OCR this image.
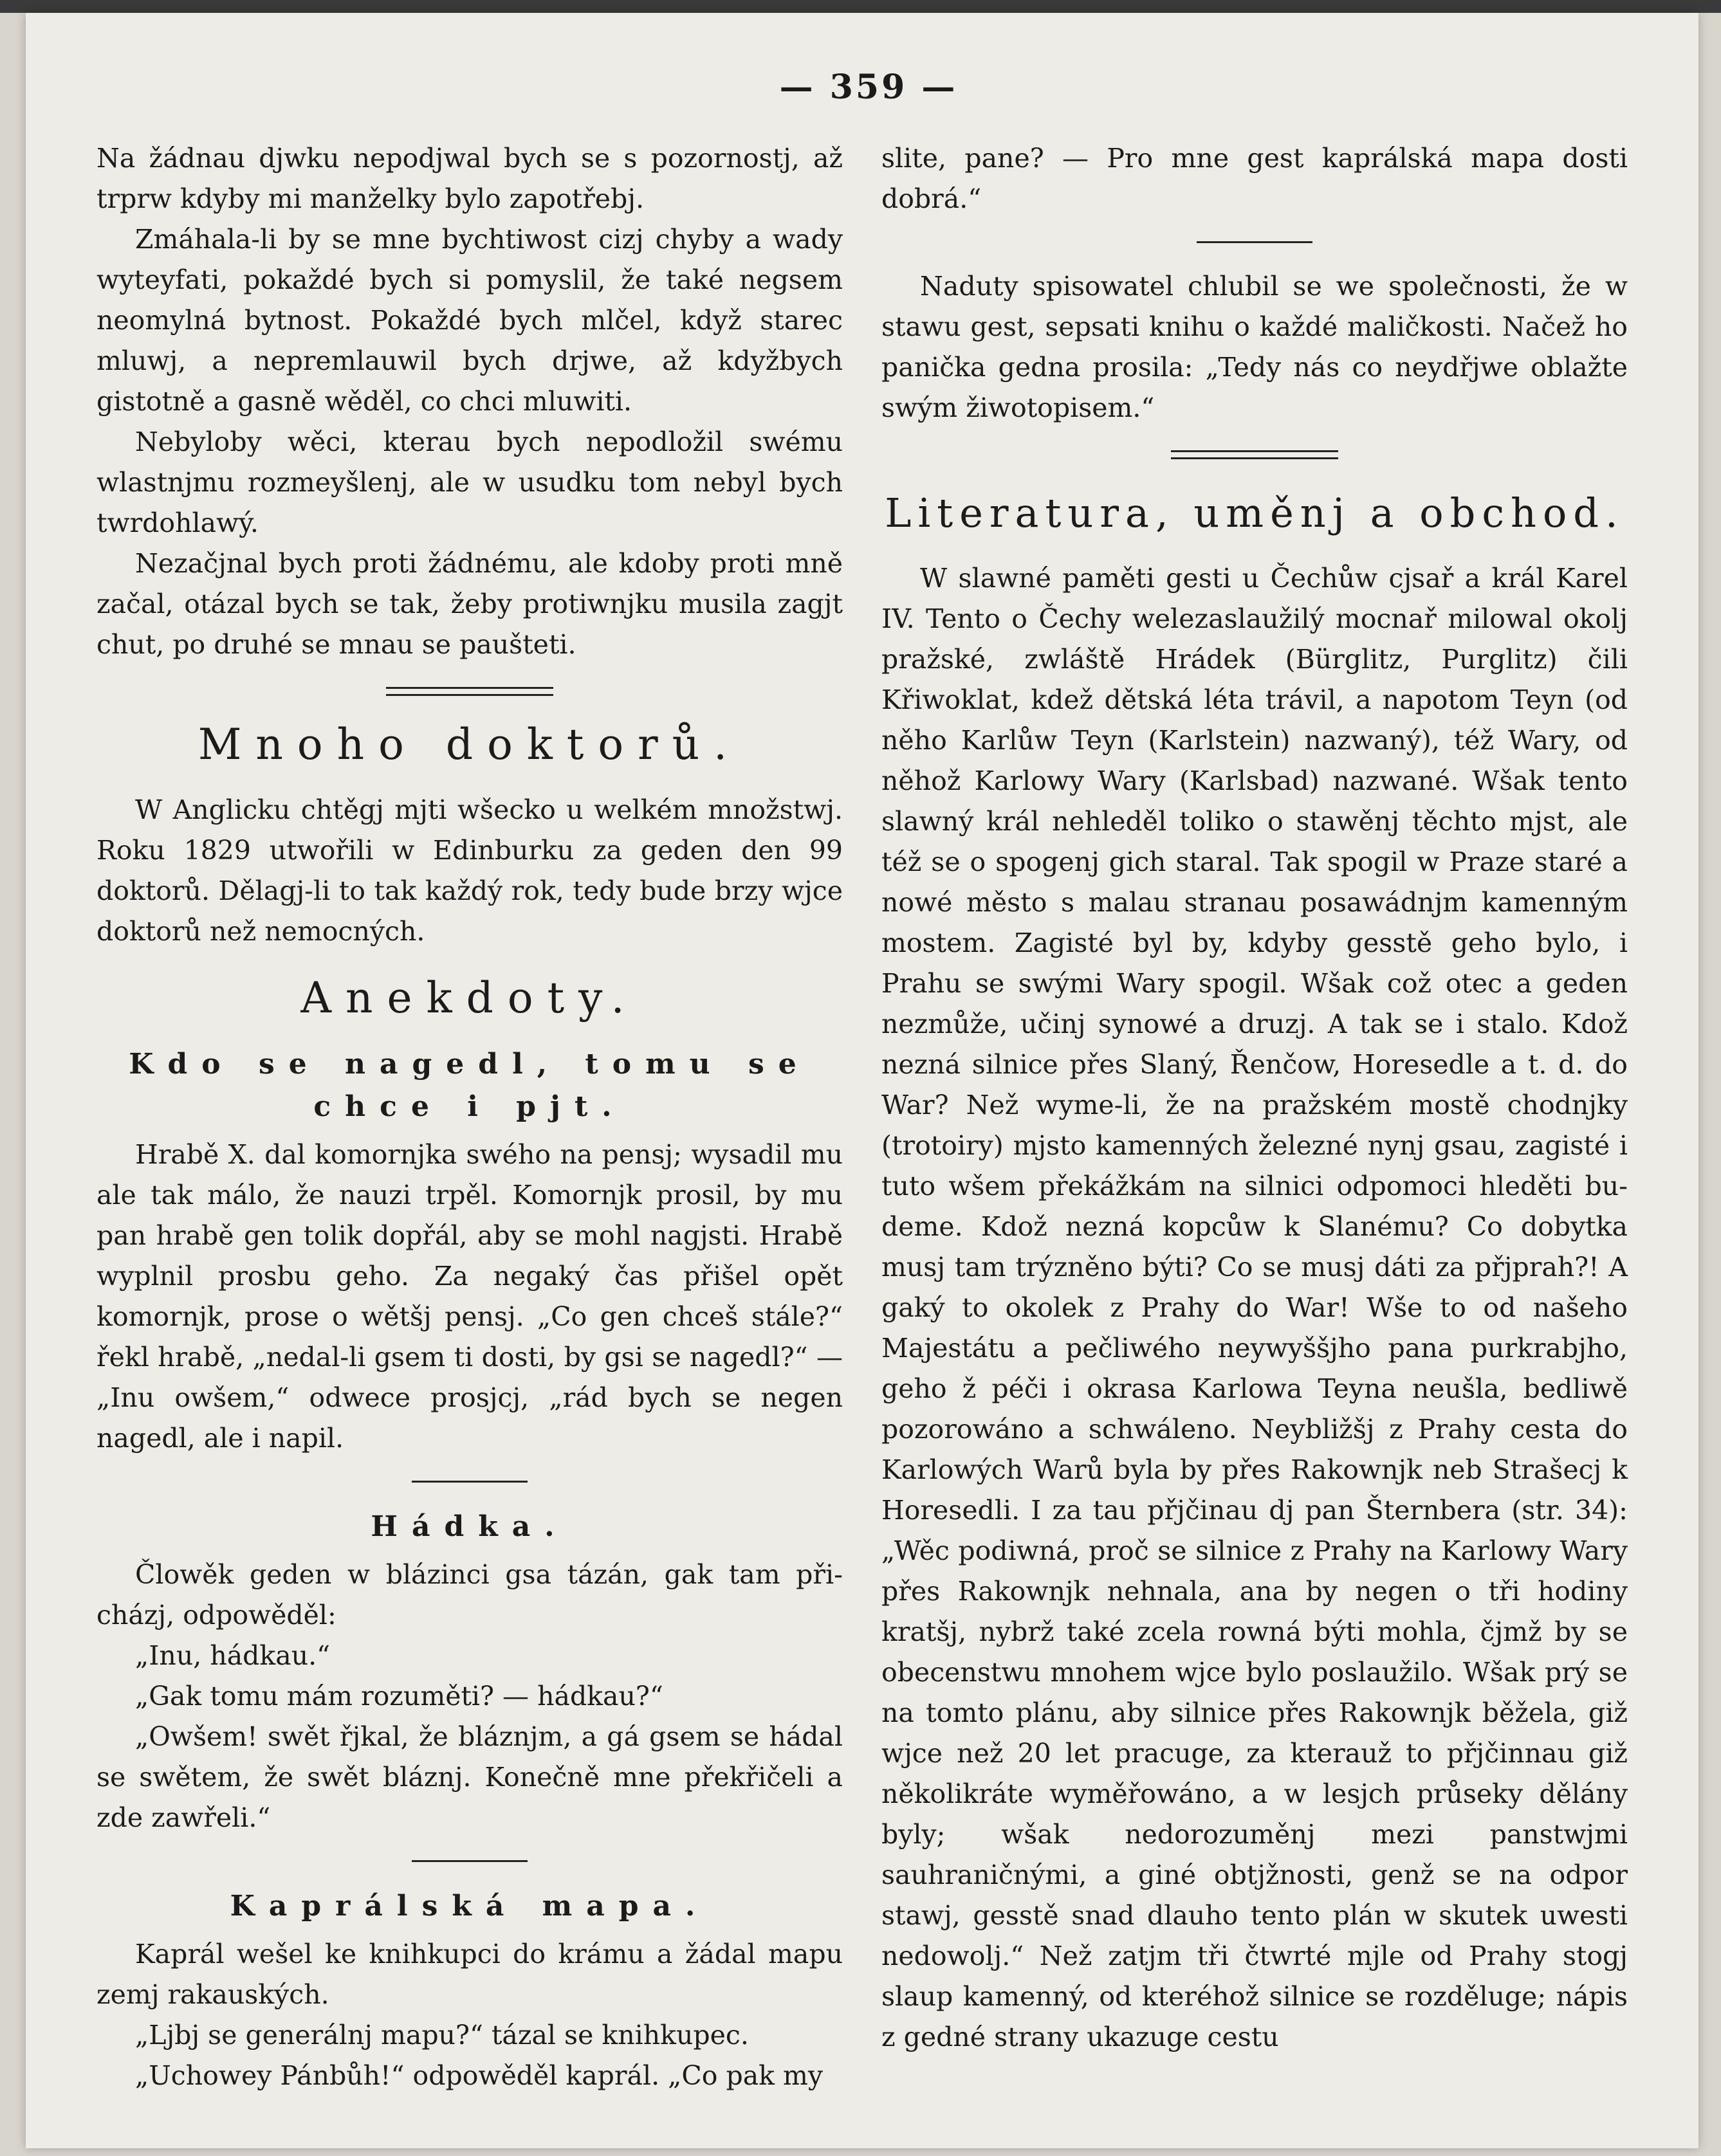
— 359 —

Na žádnau djwku nepodjwal bych se s pozornostj, až trprw kdyby mi manželky bylo zapotřebj.

Zmáhala-li by se mne bychtiwost cizj chyby a wady wyteyfati, pokaždé bych si pomyslil, že také negsem neomylná bytnost. Pokaždé bych mlčel, když starec mluwj, a nepremlauwil bych drjwe, až kdyžbych gistotně a gasně wěděl, co chci mluwiti.

Nebyloby wěci, kterau bych nepodložil swému wlastnjmu rozmeyšlenj, ale w usudku tom nebyl bych twrdohlawý.

Nezačjnal bych proti žádnému, ale kdoby proti mně začal, otázal bych se tak, žeby protiwnjku musila zagjt chut, po druhé se mnau se paušteti.

Mnoho doktorů.

W Anglicku chtěgj mjti wšecko u welkém množstwj. Roku 1829 utwořili w Edinburku za geden den 99 doktorů. Dělagj-li to tak každý rok, tedy bude brzy wjce doktorů než nemocných.

Anekdoty.
Kdo se nagedl, tomu se chce i pjt.

Hrabě X. dal komornjka swého na pensj; wysadil mu ale tak málo, že nauzi trpěl. Komornjk prosil, by mu pan hrabě gen tolik dopřál, aby se mohl nagjsti. Hrabě wyplnil prosbu geho. Za negaký čas přišel opět komornjk, prose o wětšj pensj. „Co gen chceš stále?“ řekl hrabě, „nedal-li gsem ti dosti, by gsi se nagedl?“ — „Inu owšem,“ odwece prosjcj, „rád bych se negen nagedl, ale i napil.

Hádka.

Člowěk geden w blázinci gsa tázán, gak tam přicházj, odpowěděl:

„Inu, hádkau.“

„Gak tomu mám rozuměti? — hádkau?“

„Owšem! swět řjkal, že bláznjm, a gá gsem se hádal se swětem, že swět bláznj. Konečně mne překřičeli a zde zawřeli.“

Kaprálská mapa.

Kaprál wešel ke knihkupci do krámu a žádal mapu zemj rakauských.

„Ljbj se generálnj mapu?“ tázal se knihkupec.

„Uchowey Pánbůh!“ odpowěděl kaprál. „Co pak my

slite, pane? — Pro mne gest kaprálská mapa dosti dobrá.“

Naduty spisowatel chlubil se we společnosti, že w stawu gest, sepsati knihu o každé maličkosti. Načež ho panička gedna prosila: „Tedy nás co neydřjwe oblažte swým žiwotopisem.“

Literatura, uměnj a obchod.

W slawné paměti gesti u Čechůw cjsař a král Karel IV. Tento o Čechy welezaslaužilý mocnař milowal okolj pražské, zwláště Hrádek (Bürglitz, Purglitz) čili Křiwoklat, kdež dětská léta trávil, a napotom Teyn (od něho Karlůw Teyn (Karlstein) nazwaný), též Wary, od něhož Karlowy Wary (Karlsbad) nazwané. Wšak tento slawný král nehleděl toliko o stawěnj těchto mjst, ale též se o spogenj gich staral. Tak spogil w Praze staré a nowé město s malau stranau posawádnjm kamenným mostem. Zagisté byl by, kdyby gesstě geho bylo, i Prahu se swými Wary spogil. Wšak což otec a geden nezmůže, učinj synowé a druzj. A tak se i stalo. Kdož nezná silnice přes Slaný, Řenčow, Horesedle a t. d. do War? Než wyme-li, že na pražském mostě chodnjky (trotoiry) mjsto kamenných železné nynj gsau, zagisté i tuto wšem překážkám na silnici odpomoci hleděti budeme. Kdož nezná kopcůw k Slanému? Co dobytka musj tam trýzněno býti? Co se musj dáti za přjprah?! A gaký to okolek z Prahy do War! Wše to od našeho Majestátu a pečliwého neywyššjho pana purkrabjho, geho ž péči i okrasa Karlowa Teyna neušla, bedliwě pozorowáno a schwáleno. Neybližšj z Prahy cesta do Karlowých Warů byla by přes Rakownjk neb Strašecj k Horesedli. I za tau přjčinau dj pan Šternbera (str. 34): „Wěc podiwná, proč se silnice z Prahy na Karlowy Wary přes Rakownjk nehnala, ana by negen o tři hodiny kratšj, nybrž také zcela rowná býti mohla, čjmž by se obecenstwu mnohem wjce bylo poslaužilo. Wšak prý se na tomto plánu, aby silnice přes Rakownjk běžela, giž wjce než 20 let pracuge, za kterauž to přjčinnau giž několikráte wyměřowáno, a w lesjch průseky dělány byly; wšak nedorozuměnj mezi panstwjmi sauhraničnými, a giné obtjžnosti, genž se na odpor stawj, gesstě snad dlauho tento plán w skutek uwesti nedowolj.“ Než zatjm tři čtwrté mjle od Prahy stogj slaup kamenný, od kteréhož silnice se rozděluge; nápis z gedné strany ukazuge cestu
